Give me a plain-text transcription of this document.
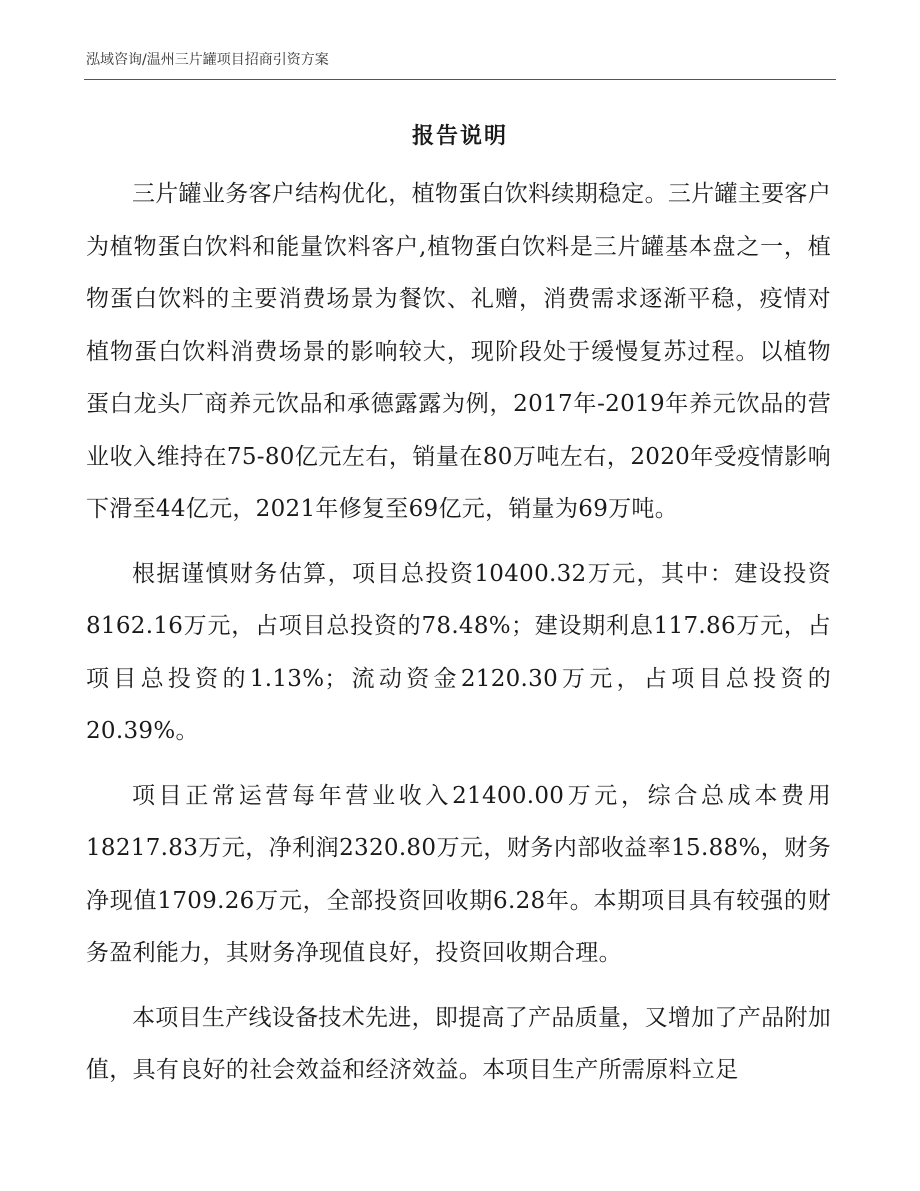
泓域咨询/温州三片罐项目招商引资方案
报告说明

三片罐业务客户结构优化，植物蛋白饮料续期稳定。三片罐主要客户为植物蛋白饮料和能量饮料客户,植物蛋白饮料是三片罐基本盘之一，植物蛋白饮料的主要消费场景为餐饮、礼赠，消费需求逐渐平稳，疫情对植物蛋白饮料消费场景的影响较大，现阶段处于缓慢复苏过程。以植物蛋白龙头厂商养元饮品和承德露露为例，2017年-2019年养元饮品的营业收入维持在75-80亿元左右，销量在80万吨左右，2020年受疫情影响下滑至44亿元，2021年修复至69亿元，销量为69万吨。

根据谨慎财务估算，项目总投资10400.32万元，其中：建设投资8162.16万元，占项目总投资的78.48%；建设期利息117.86万元，占项目总投资的1.13%；流动资金2120.30万元，占项目总投资的20.39%。

项目正常运营每年营业收入21400.00万元，综合总成本费用18217.83万元，净利润2320.80万元，财务内部收益率15.88%，财务净现值1709.26万元，全部投资回收期6.28年。本期项目具有较强的财务盈利能力，其财务净现值良好，投资回收期合理。

本项目生产线设备技术先进，即提高了产品质量，又增加了产品附加值，具有良好的社会效益和经济效益。本项目生产所需原料立足
